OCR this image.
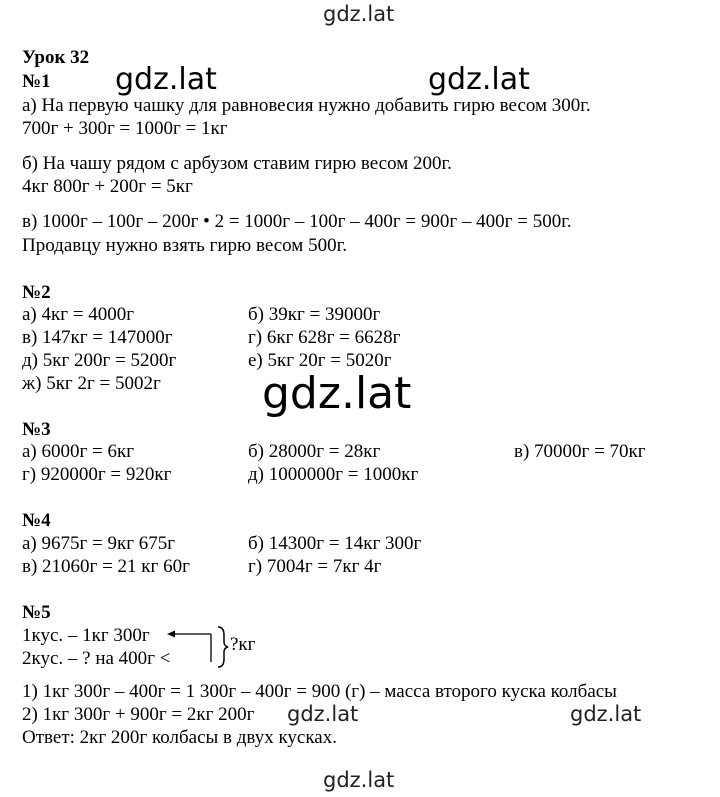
gdz.lat
gdz.lat	gdz.lat
gdz.lat
gdz.lat	gdz.lat
gdz.lat
Урок 32
№1
а) На первую чашку для равновесия нужно добавить гирю весом 300г.
700г + 300г = 1000г = 1кг
б) На чашу рядом с арбузом ставим гирю весом 200г.
4кг 800г + 200г = 5кг
в) 1000г – 100г – 200г • 2 = 1000г – 100г – 400г = 900г – 400г = 500г.
Продавцу нужно взять гирю весом 500г.
№2
а) 4кг = 4000г	б) 39кг = 39000г
в) 147кг = 147000г	г) 6кг 628г = 6628г
д) 5кг 200г = 5200г	е) 5кг 20г = 5020г
ж) 5кг 2г = 5002г
№3
а) 6000г = 6кг	б) 28000г = 28кг	в) 70000г = 70кг
г) 920000г = 920кг	д) 1000000г = 1000кг
№4
а) 9675г = 9кг 675г	б) 14300г = 14кг 300г
в) 21060г = 21 кг 60г	г) 7004г = 7кг 4г
№5
1кус. – 1кг 300г
2кус. – ? на 400г <
?кг
1) 1кг 300г – 400г = 1 300г – 400г = 900 (г) – масса второго куска колбасы
2) 1кг 300г + 900г = 2кг 200г
Ответ: 2кг 200г колбасы в двух кусках.
